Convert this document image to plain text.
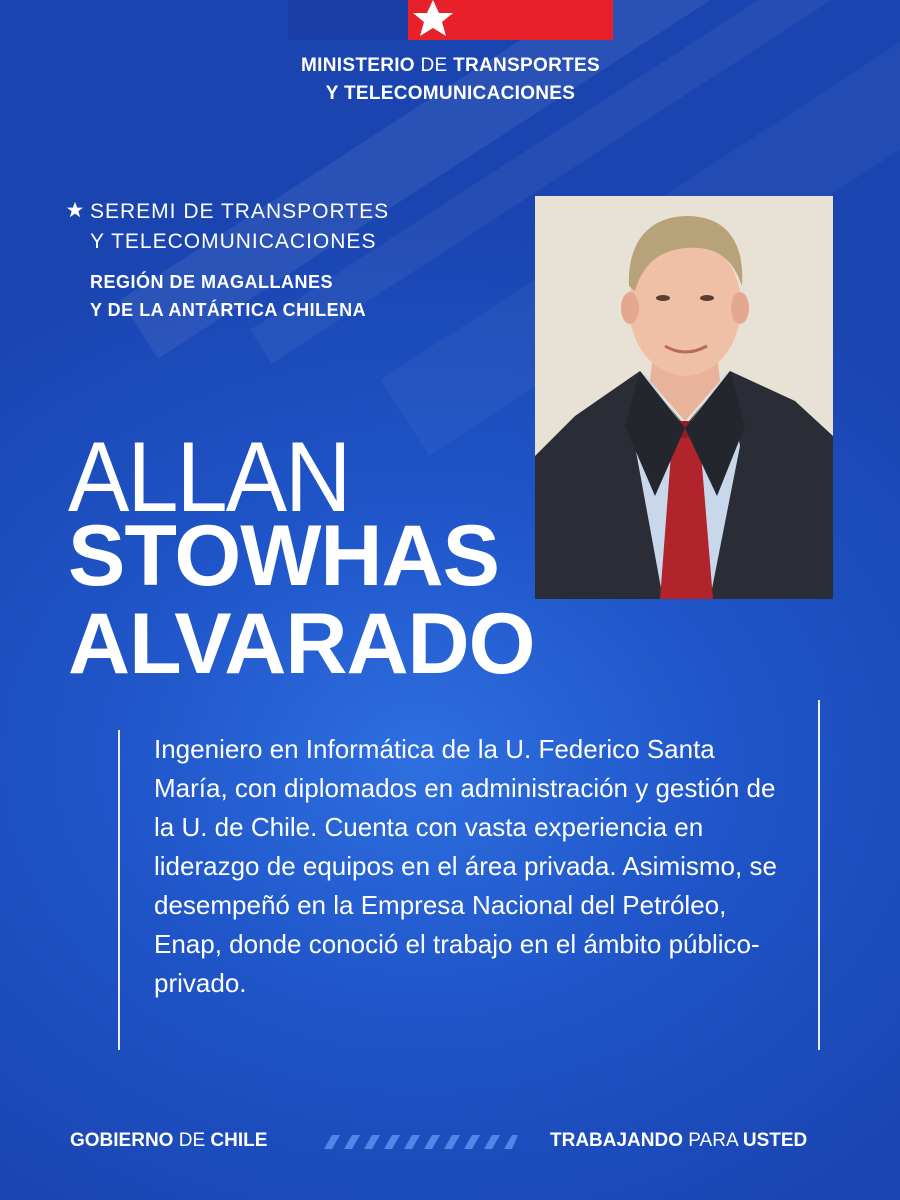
MINISTERIO DE TRANSPORTES
Y TELECOMUNICACIONES
SEREMI DE TRANSPORTES
Y TELECOMUNICACIONES
REGIÓN DE MAGALLANES
Y DE LA ANTÁRTICA CHILENA
ALLAN
STOWHAS
ALVARADO
Ingeniero en Informática de la U. Federico Santa María, con diplomados en administración y gestión de la U. de Chile. Cuenta con vasta experiencia en liderazgo de equipos en el área privada. Asimismo, se desempeñó en la Empresa Nacional del Petróleo, Enap, donde conoció el trabajo en el ámbito público-privado.
GOBIERNO DE CHILE	TRABAJANDO PARA USTED
